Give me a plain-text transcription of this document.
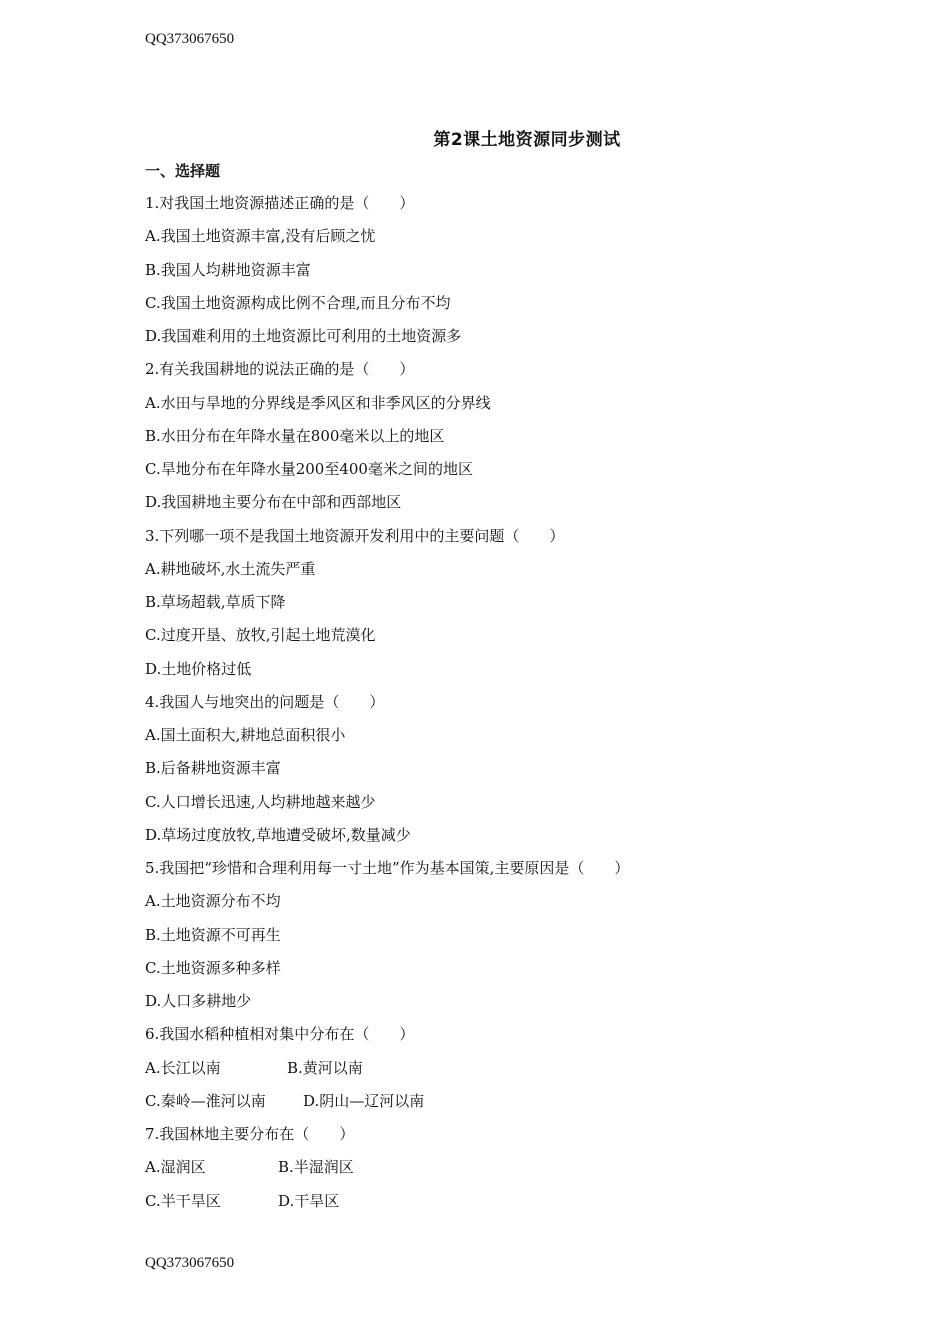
QQ373067650
第2课土地资源同步测试
一、选择题
1.对我国土地资源描述正确的是（　　）
A.我国土地资源丰富,没有后顾之忧
B.我国人均耕地资源丰富
C.我国土地资源构成比例不合理,而且分布不均
D.我国难利用的土地资源比可利用的土地资源多
2.有关我国耕地的说法正确的是（　　）
A.水田与旱地的分界线是季风区和非季风区的分界线
B.水田分布在年降水量在800毫米以上的地区
C.旱地分布在年降水量200至400毫米之间的地区
D.我国耕地主要分布在中部和西部地区
3.下列哪一项不是我国土地资源开发利用中的主要问题（　　）
A.耕地破坏,水土流失严重
B.草场超载,草质下降
C.过度开垦、放牧,引起土地荒漠化
D.土地价格过低
4.我国人与地突出的问题是（　　）
A.国土面积大,耕地总面积很小
B.后备耕地资源丰富
C.人口增长迅速,人均耕地越来越少
D.草场过度放牧,草地遭受破坏,数量减少
5.我国把“珍惜和合理利用每一寸土地”作为基本国策,主要原因是（　　）
A.土地资源分布不均
B.土地资源不可再生
C.土地资源多种多样
D.人口多耕地少
6.我国水稻种植相对集中分布在（　　）
A.长江以南	B.黄河以南
C.秦岭—淮河以南 D.阴山—辽河以南
7.我国林地主要分布在（　　）
A.湿润区	B.半湿润区
C.半干旱区	D.干旱区
QQ373067650
